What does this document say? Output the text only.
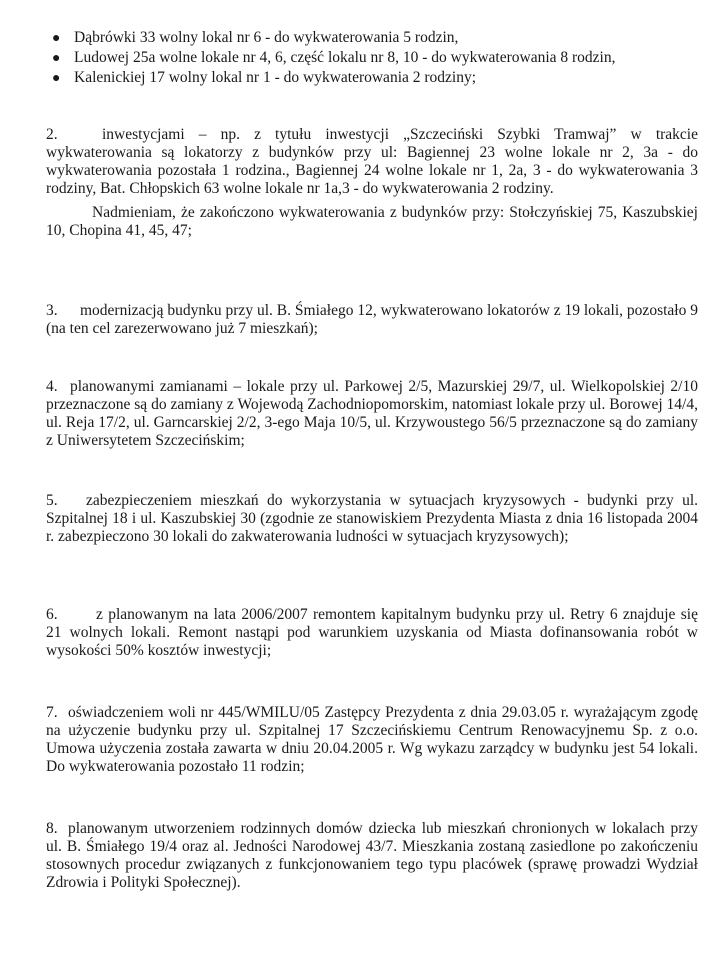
● Dąbrówki 33 wolny lokal nr 6 - do wykwaterowania 5 rodzin,
● Ludowej 25a wolne lokale nr 4, 6, część lokalu nr 8, 10 - do wykwaterowania 8 rodzin,
● Kalenickiej 17 wolny lokal nr 1 - do wykwaterowania 2 rodziny;
2.	inwestycjami – np. z tytułu inwestycji „Szczeciński Szybki Tramwaj” w trakcie wykwaterowania są lokatorzy z budynków przy ul: Bagiennej 23 wolne lokale nr 2, 3a - do wykwaterowania pozostała 1 rodzina., Bagiennej 24 wolne lokale nr 1, 2a, 3 - do wykwaterowania 3 rodziny, Bat. Chłopskich 63 wolne lokale nr 1a,3 - do wykwaterowania 2 rodziny.
Nadmieniam, że zakończono wykwaterowania z budynków przy: Stołczyńskiej 75, Kaszubskiej 10, Chopina 41, 45, 47;
3. modernizacją budynku przy ul. B. Śmiałego 12, wykwaterowano lokatorów z 19 lokali, pozostało 9 (na ten cel zarezerwowano już 7 mieszkań);
4. planowanymi zamianami – lokale przy ul. Parkowej 2/5, Mazurskiej 29/7, ul. Wielkopolskiej 2/10 przeznaczone są do zamiany z Wojewodą Zachodniopomorskim, natomiast lokale przy ul. Borowej 14/4, ul. Reja 17/2, ul. Garncarskiej 2/2, 3-ego Maja 10/5, ul. Krzywoustego 56/5 przeznaczone są do zamiany z Uniwersytetem Szczecińskim;
5. zabezpieczeniem mieszkań do wykorzystania w sytuacjach kryzysowych - budynki przy ul. Szpitalnej 18 i ul. Kaszubskiej 30 (zgodnie ze stanowiskiem Prezydenta Miasta z dnia 16 listopada 2004 r. zabezpieczono 30 lokali do zakwaterowania ludności w sytuacjach kryzysowych);
6. z planowanym na lata 2006/2007 remontem kapitalnym budynku przy ul. Retry 6 znajduje się 21 wolnych lokali. Remont nastąpi pod warunkiem uzyskania od Miasta dofinansowania robót w wysokości 50% kosztów inwestycji;
7. oświadczeniem woli nr 445/WMILU/05 Zastępcy Prezydenta z dnia 29.03.05 r. wyrażającym zgodę na użyczenie budynku przy ul. Szpitalnej 17 Szczecińskiemu Centrum Renowacyjnemu Sp. z o.o. Umowa użyczenia została zawarta w dniu 20.04.2005 r. Wg wykazu zarządcy w budynku jest 54 lokali. Do wykwaterowania pozostało 11 rodzin;
8. planowanym utworzeniem rodzinnych domów dziecka lub mieszkań chronionych w lokalach przy ul. B. Śmiałego 19/4 oraz al. Jedności Narodowej 43/7. Mieszkania zostaną zasiedlone po zakończeniu stosownych procedur związanych z funkcjonowaniem tego typu placówek (sprawę prowadzi Wydział Zdrowia i Polityki Społecznej).
